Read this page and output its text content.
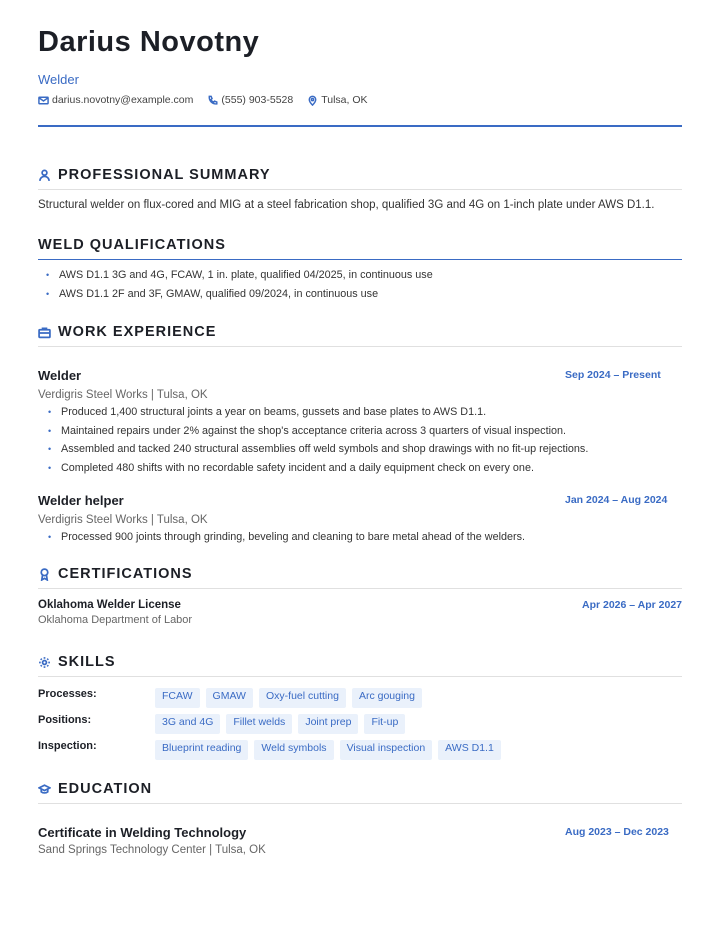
Darius Novotny
Welder
darius.novotny@example.com	(555) 903-5528	Tulsa, OK
PROFESSIONAL SUMMARY
Structural welder on flux-cored and MIG at a steel fabrication shop, qualified 3G and 4G on 1-inch plate under AWS D1.1.
WELD QUALIFICATIONS
• AWS D1.1 3G and 4G, FCAW, 1 in. plate, qualified 04/2025, in continuous use
• AWS D1.1 2F and 3F, GMAW, qualified 09/2024, in continuous use
WORK EXPERIENCE
Welder	Sep 2024 – Present
Verdigris Steel Works | Tulsa, OK
• Produced 1,400 structural joints a year on beams, gussets and base plates to AWS D1.1.
• Maintained repairs under 2% against the shop's acceptance criteria across 3 quarters of visual inspection.
• Assembled and tacked 240 structural assemblies off weld symbols and shop drawings with no fit-up rejections.
• Completed 480 shifts with no recordable safety incident and a daily equipment check on every one.
Welder helper	Jan 2024 – Aug 2024
Verdigris Steel Works | Tulsa, OK
• Processed 900 joints through grinding, beveling and cleaning to bare metal ahead of the welders.
CERTIFICATIONS
Oklahoma Welder License	Apr 2026 – Apr 2027
Oklahoma Department of Labor
SKILLS
Processes:	FCAW	GMAW	Oxy-fuel cutting	Arc gouging
Positions:	3G and 4G	Fillet welds	Joint prep	Fit-up
Inspection:	Blueprint reading	Weld symbols	Visual inspection	AWS D1.1
EDUCATION
Certificate in Welding Technology	Aug 2023 – Dec 2023
Sand Springs Technology Center | Tulsa, OK
